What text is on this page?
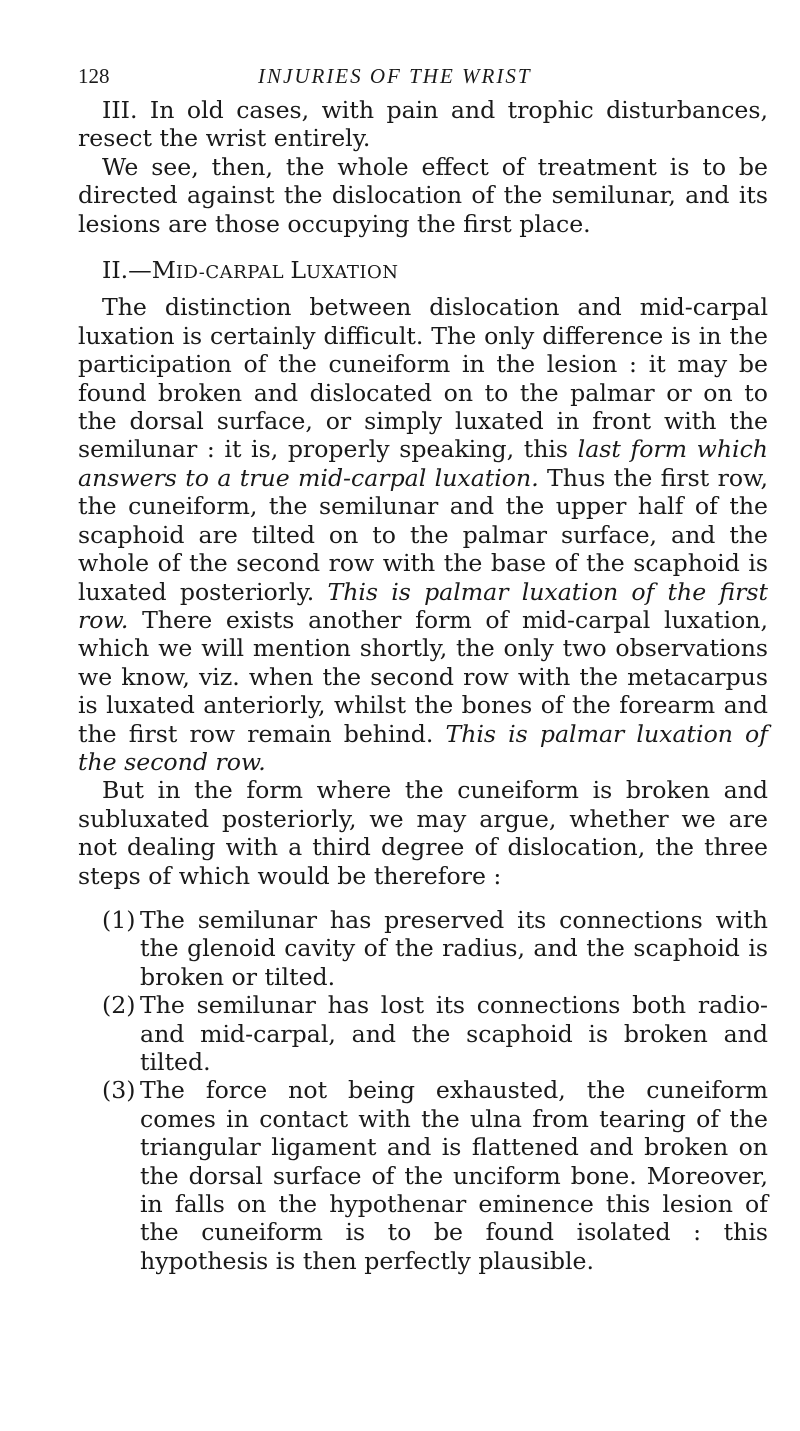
128	INJURIES OF THE WRIST

III. In old cases, with pain and trophic disturbances, resect the wrist entirely.

We see, then, the whole effect of treatment is to be directed against the dislocation of the semilunar, and its lesions are those occupying the first place.

II.—MID-CARPAL LUXATION

The distinction between dislocation and mid-carpal luxation is certainly difficult. The only difference is in the participation of the cuneiform in the lesion : it may be found broken and dislocated on to the palmar or on to the dorsal surface, or simply luxated in front with the semilunar : it is, properly speaking, this last form which answers to a true mid-carpal luxation. Thus the first row, the cuneiform, the semilunar and the upper half of the scaphoid are tilted on to the palmar surface, and the whole of the second row with the base of the scaphoid is luxated posteriorly. This is palmar luxation of the first row. There exists another form of mid-carpal luxation, which we will mention shortly, the only two observations we know, viz. when the second row with the metacarpus is luxated anteriorly, whilst the bones of the forearm and the first row remain behind. This is palmar luxation of the second row.

But in the form where the cuneiform is broken and subluxated posteriorly, we may argue, whether we are not dealing with a third degree of dislocation, the three steps of which would be therefore :

(1) The semilunar has preserved its connections with the glenoid cavity of the radius, and the scaphoid is broken or tilted.

(2) The semilunar has lost its connections both radio- and mid-carpal, and the scaphoid is broken and tilted.

(3) The force not being exhausted, the cuneiform comes in contact with the ulna from tearing of the triangular ligament and is flattened and broken on the dorsal surface of the unciform bone. Moreover, in falls on the hypothenar eminence this lesion of the cuneiform is to be found isolated : this hypothesis is then perfectly plausible.
